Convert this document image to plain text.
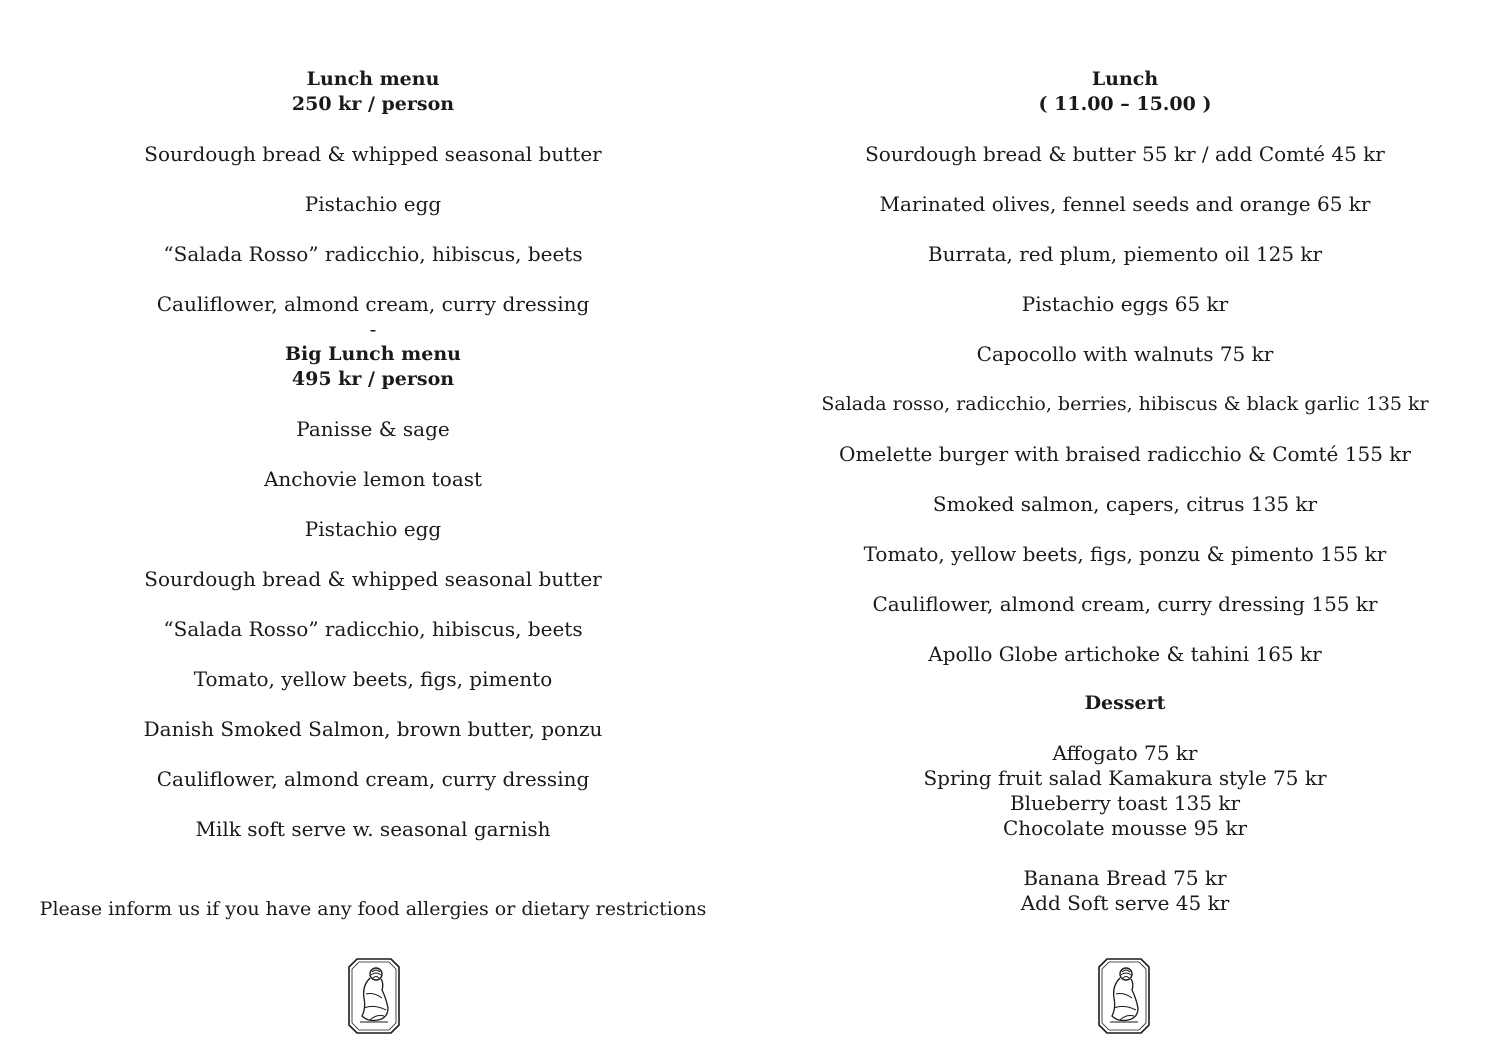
Lunch menu
250 kr / person
Sourdough bread & whipped seasonal butter
Pistachio egg
“Salada Rosso” radicchio, hibiscus, beets
Cauliflower, almond cream, curry dressing
-
Big Lunch menu
495 kr / person
Panisse & sage
Anchovie lemon toast
Pistachio egg
Sourdough bread & whipped seasonal butter
“Salada Rosso” radicchio, hibiscus, beets
Tomato, yellow beets, figs, pimento
Danish Smoked Salmon, brown butter, ponzu
Cauliflower, almond cream, curry dressing
Milk soft serve w. seasonal garnish
Please inform us if you have any food allergies or dietary restrictions
Lunch
( 11.00 – 15.00 )
Sourdough bread & butter 55 kr / add Comté 45 kr
Marinated olives, fennel seeds and orange 65 kr
Burrata, red plum, piemento oil 125 kr
Pistachio eggs 65 kr
Capocollo with walnuts 75 kr
Salada rosso, radicchio, berries, hibiscus & black garlic 135 kr
Omelette burger with braised radicchio & Comté 155 kr
Smoked salmon, capers, citrus 135 kr
Tomato, yellow beets, figs, ponzu & pimento 155 kr
Cauliflower, almond cream, curry dressing 155 kr
Apollo Globe artichoke & tahini 165 kr
Dessert
Affogato 75 kr
Spring fruit salad Kamakura style 75 kr
Blueberry toast 135 kr
Chocolate mousse 95 kr
Banana Bread 75 kr
Add Soft serve 45 kr
